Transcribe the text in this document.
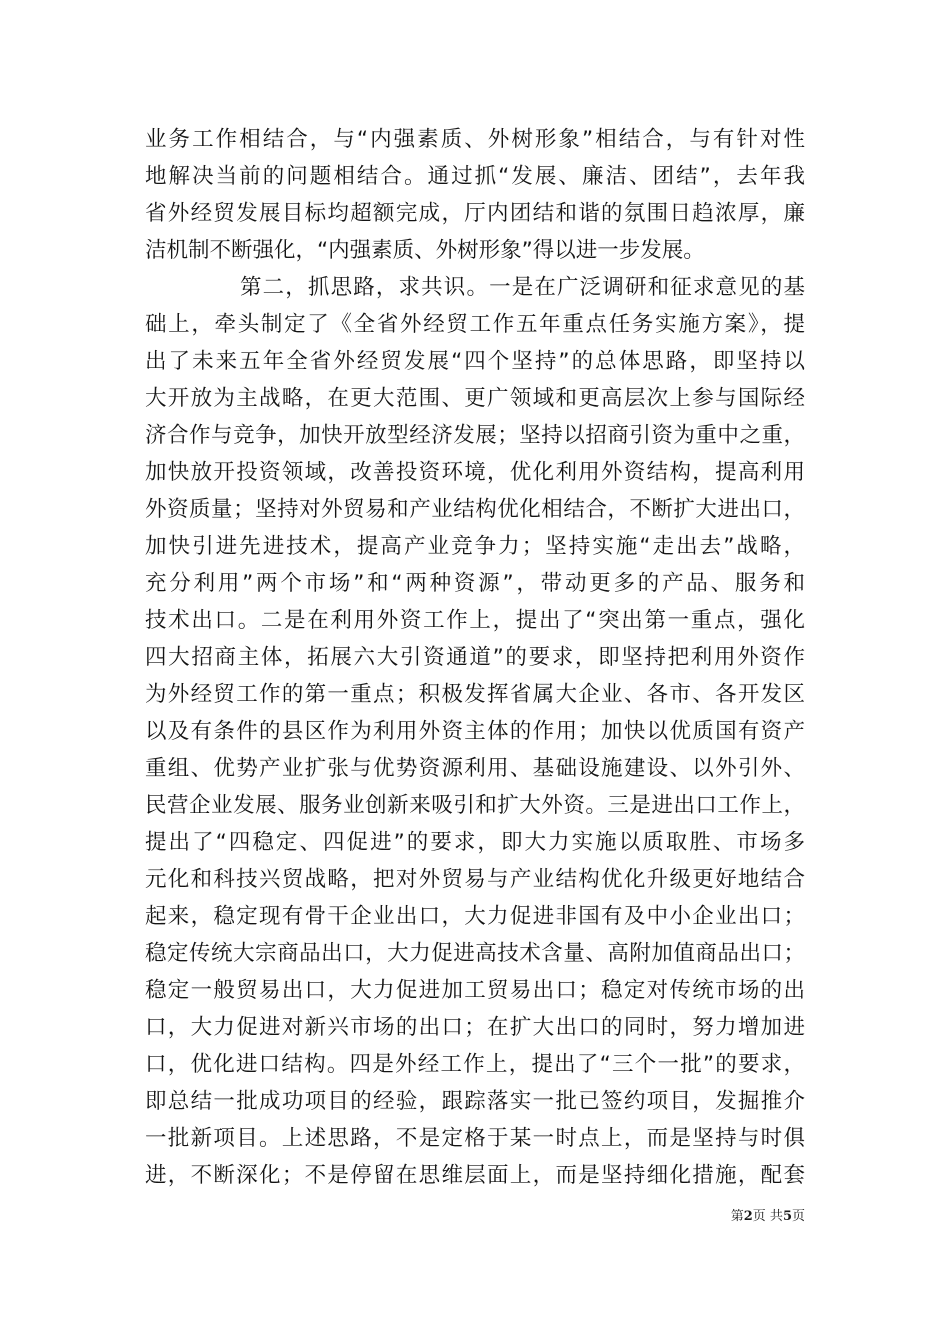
业务工作相结合，与“内强素质、外树形象”相结合，与有针对性
地解决当前的问题相结合。通过抓“发展、廉洁、团结”，去年我
省外经贸发展目标均超额完成，厅内团结和谐的氛围日趋浓厚，廉
洁机制不断强化，“内强素质、外树形象”得以进一步发展。
第二，抓思路，求共识。一是在广泛调研和征求意见的基
础上，牵头制定了《全省外经贸工作五年重点任务实施方案》，提
出了未来五年全省外经贸发展“四个坚持”的总体思路，即坚持以
大开放为主战略，在更大范围、更广领域和更高层次上参与国际经
济合作与竞争，加快开放型经济发展；坚持以招商引资为重中之重，
加快放开投资领域，改善投资环境，优化利用外资结构，提高利用
外资质量；坚持对外贸易和产业结构优化相结合，不断扩大进出口，
加快引进先进技术，提高产业竞争力；坚持实施“走出去”战略，
充分利用”两个市场”和“两种资源”，带动更多的产品、服务和
技术出口。二是在利用外资工作上，提出了“突出第一重点，强化
四大招商主体，拓展六大引资通道”的要求，即坚持把利用外资作
为外经贸工作的第一重点；积极发挥省属大企业、各市、各开发区
以及有条件的县区作为利用外资主体的作用；加快以优质国有资产
重组、优势产业扩张与优势资源利用、基础设施建设、以外引外、
民营企业发展、服务业创新来吸引和扩大外资。三是进出口工作上，
提出了“四稳定、四促进”的要求，即大力实施以质取胜、市场多
元化和科技兴贸战略，把对外贸易与产业结构优化升级更好地结合
起来，稳定现有骨干企业出口，大力促进非国有及中小企业出口；
稳定传统大宗商品出口，大力促进高技术含量、高附加值商品出口；
稳定一般贸易出口，大力促进加工贸易出口；稳定对传统市场的出
口，大力促进对新兴市场的出口；在扩大出口的同时，努力增加进
口，优化进口结构。四是外经工作上，提出了“三个一批”的要求，
即总结一批成功项目的经验，跟踪落实一批已签约项目，发掘推介
一批新项目。上述思路，不是定格于某一时点上，而是坚持与时俱
进，不断深化；不是停留在思维层面上，而是坚持细化措施，配套
第2页 共5页
